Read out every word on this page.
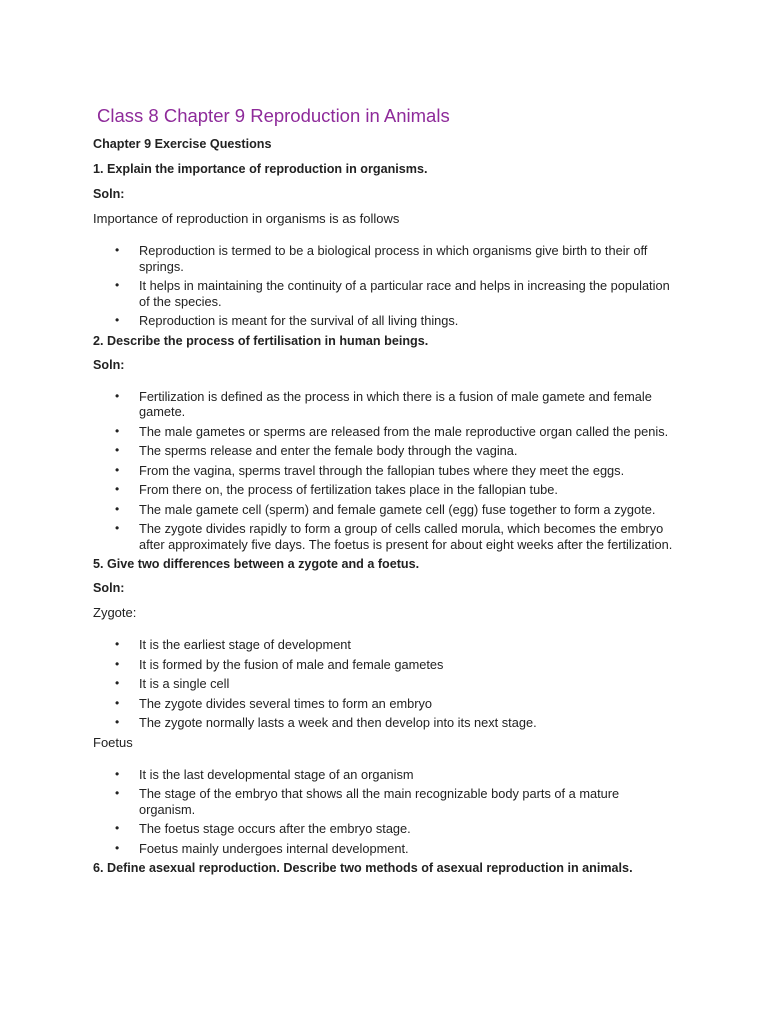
Class 8 Chapter 9 Reproduction in Animals
Chapter 9 Exercise Questions
1. Explain the importance of reproduction in organisms.
Soln:
Importance of reproduction in organisms is as follows
• Reproduction is termed to be a biological process in which organisms give birth to their off springs.
• It helps in maintaining the continuity of a particular race and helps in increasing the population of the species.
• Reproduction is meant for the survival of all living things.
2. Describe the process of fertilisation in human beings.
Soln:
• Fertilization is defined as the process in which there is a fusion of male gamete and female gamete.
• The male gametes or sperms are released from the male reproductive organ called the penis.
• The sperms release and enter the female body through the vagina.
• From the vagina, sperms travel through the fallopian tubes where they meet the eggs.
• From there on, the process of fertilization takes place in the fallopian tube.
• The male gamete cell (sperm) and female gamete cell (egg) fuse together to form a zygote.
• The zygote divides rapidly to form a group of cells called morula, which becomes the embryo after approximately five days. The foetus is present for about eight weeks after the fertilization.
5. Give two differences between a zygote and a foetus.
Soln:
Zygote:
• It is the earliest stage of development
• It is formed by the fusion of male and female gametes
• It is a single cell
• The zygote divides several times to form an embryo
• The zygote normally lasts a week and then develop into its next stage.
Foetus
• It is the last developmental stage of an organism
• The stage of the embryo that shows all the main recognizable body parts of a mature organism.
• The foetus stage occurs after the embryo stage.
• Foetus mainly undergoes internal development.
6. Define asexual reproduction. Describe two methods of asexual reproduction in animals.
